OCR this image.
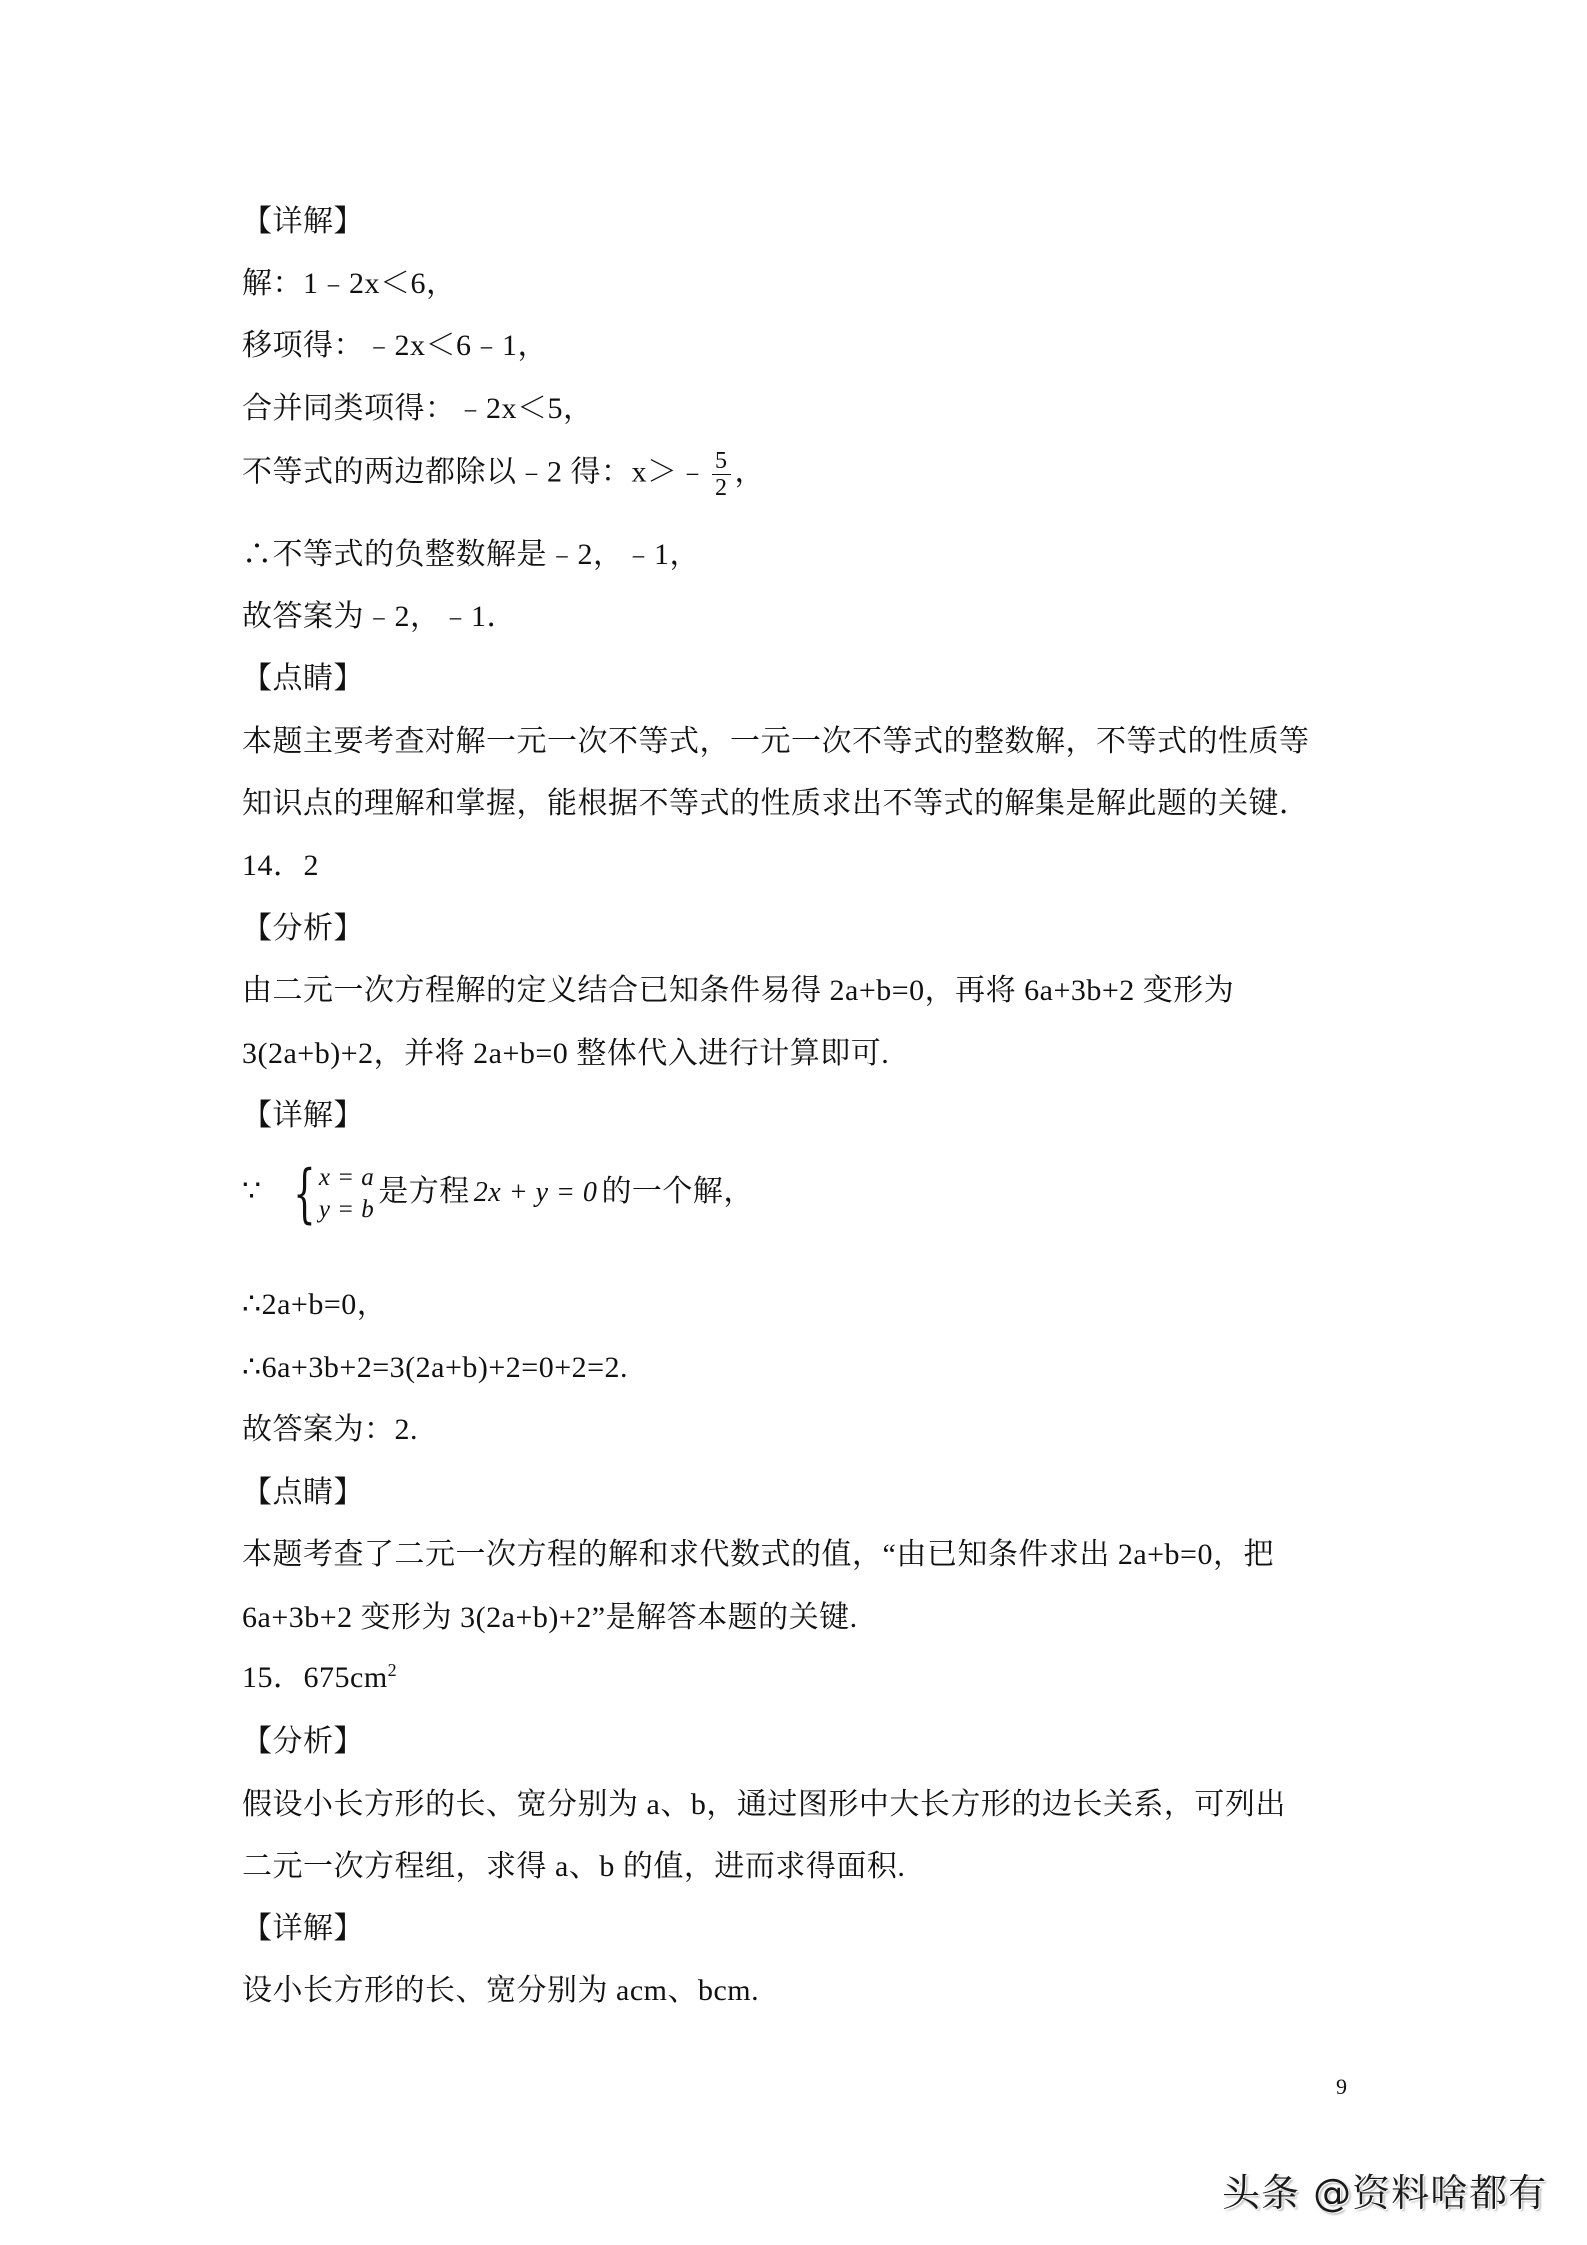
【详解】
解：1﹣2x＜6，
移项得：﹣2x＜6﹣1，
合并同类项得：﹣2x＜5，
不等式的两边都除以﹣2 得：x＞﹣ $\frac{5}{2}$ ，
∴不等式的负整数解是﹣2，﹣1，
故答案为﹣2，﹣1．
【点睛】
本题主要考查对解一元一次不等式，一元一次不等式的整数解，不等式的性质等
知识点的理解和掌握，能根据不等式的性质求出不等式的解集是解此题的关键．
14．2
【分析】
由二元一次方程解的定义结合已知条件易得 2a+b=0，再将 6a+3b+2 变形为
3(2a+b)+2，并将 2a+b=0 整体代入进行计算即可.
【详解】
∵ { x = a
y = b
是方程 2x + y = 0 的一个解，
∴2a+b=0，
∴6a+3b+2=3(2a+b)+2=0+2=2.
故答案为：2.
【点睛】
本题考查了二元一次方程的解和求代数式的值，“由已知条件求出 2a+b=0，把
6a+3b+2 变形为 3(2a+b)+2”是解答本题的关键.
15．$675cm^2$
【分析】
假设小长方形的长、宽分别为 a、b，通过图形中大长方形的边长关系，可列出
二元一次方程组，求得 a、b 的值，进而求得面积.
【详解】
设小长方形的长、宽分别为 acm、bcm.
9
头条 @资料啥都有
